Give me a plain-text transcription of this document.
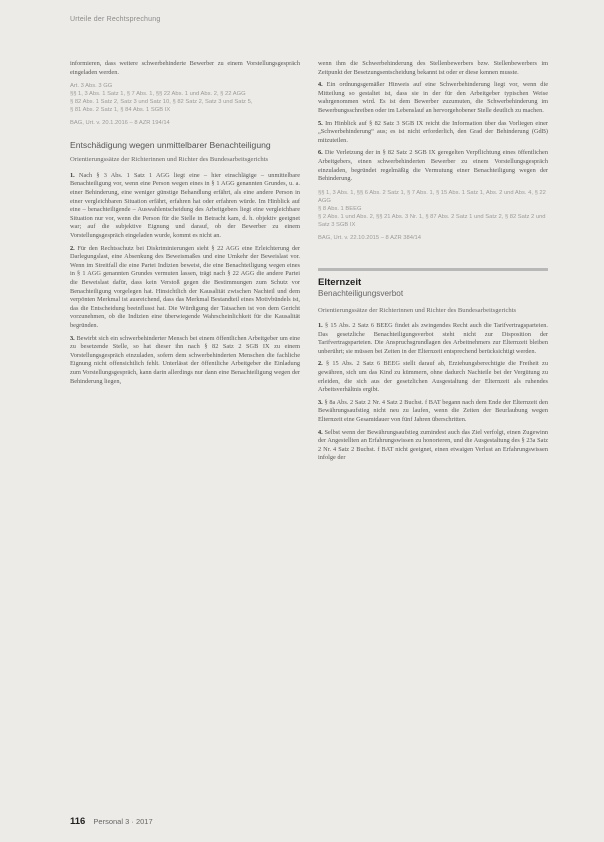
Urteile der Rechtsprechung

informieren, dass weitere schwerbehinderte Bewerber zu einem Vorstellungsgespräch eingeladen werden.

Art. 3 Abs. 3 GG
§§ 1, 3 Abs. 1 Satz 1, § 7 Abs. 1, §§ 22 Abs. 1 und Abs. 2, § 22 AGG
§ 82 Abs. 1 Satz 2, Satz 3 und Satz 10, § 82 Satz 2, Satz 3 und Satz 5,
§ 81 Abs. 2 Satz 1, § 84 Abs. 1 SGB IX
BAG, Urt. v. 20.1.2016 – 8 AZR 194/14
Entschädigung wegen unmittelbarer Benachteiligung
Orientierungssätze der Richterinnen und Richter des Bundesarbeitsgerichts

1. Nach § 3 Abs. 1 Satz 1 AGG liegt eine – hier einschlägige – unmittelbare Benachteiligung vor, wenn eine Person wegen eines in § 1 AGG genannten Grundes, u. a. einer Behinderung, eine weniger günstige Behandlung erfährt, als eine andere Person in einer vergleichbaren Situation erfährt, erfahren hat oder erfahren würde. Im Hinblick auf eine – benachteiligende – Auswahlentscheidung des Arbeitgebers liegt eine vergleichbare Situation nur vor, wenn die Person für die Stelle in Betracht kam, d. h. objektiv geeignet war; auf die subjektive Eignung und darauf, ob der Bewerber zu einem Vorstellungsgespräch eingeladen wurde, kommt es nicht an.

2. Für den Rechtsschutz bei Diskriminierungen sieht § 22 AGG eine Erleichterung der Darlegungslast, eine Absenkung des Beweismaßes und eine Umkehr der Beweislast vor. Wenn im Streitfall die eine Partei Indizien beweist, die eine Benachteiligung wegen eines in § 1 AGG genannten Grundes vermuten lassen, trägt nach § 22 AGG die andere Partei die Beweislast dafür, dass kein Verstoß gegen die Bestimmungen zum Schutz vor Benachteiligung vorgelegen hat. Hinsichtlich der Kausalität zwischen Nachteil und dem verpönten Merkmal ist ausreichend, dass das Merkmal Bestandteil eines Motivbündels ist, das die Entscheidung beeinflusst hat. Die Würdigung der Tatsachen ist von dem Gericht vorzunehmen, ob die Indizien eine überwiegende Wahrscheinlichkeit für die Kausalität begründen.

3. Bewirbt sich ein schwerbehinderter Mensch bei einem öffentlichen Arbeitgeber um eine zu besetzende Stelle, so hat dieser ihn nach § 82 Satz 2 SGB IX zu einem Vorstellungsgespräch einzuladen, sofern dem schwerbehinderten Menschen die fachliche Eignung nicht offensichtlich fehlt. Unterlässt der öffentliche Arbeitgeber die Einladung zum Vorstellungsgespräch, kann darin allerdings nur dann eine Benachteiligung wegen der Behinderung liegen,

wenn ihm die Schwerbehinderung des Stellenbewerbers bzw. Stellenbewerbers im Zeitpunkt der Besetzungsentscheidung bekannt ist oder er diese kennen musste.

4. Ein ordnungsgemäßer Hinweis auf eine Schwerbehinderung liegt vor, wenn die Mitteilung so gestaltet ist, dass sie in der für den Arbeitgeber typischen Weise wahrgenommen wird. Es ist dem Bewerber zuzumuten, die Schwerbehinderung im Bewerbungsschreiben oder im Lebenslauf an hervorgehobener Stelle deutlich zu machen.

5. Im Hinblick auf § 82 Satz 3 SGB IX reicht die Information über das Vorliegen einer „Schwerbehinderung“ aus; es ist nicht erforderlich, den Grad der Behinderung (GdB) mitzuteilen.

6. Die Verletzung der in § 82 Satz 2 SGB IX geregelten Verpflichtung eines öffentlichen Arbeitgebers, einen schwerbehinderten Bewerber zu einem Vorstellungsgespräch einzuladen, begründet regelmäßig die Vermutung einer Benachteiligung wegen der Behinderung.

§§ 1, 3 Abs. 1, §§ 6 Abs. 2 Satz 1, § 7 Abs. 1, § 15 Abs. 1 Satz 1, Abs. 2 und Abs. 4, § 22 AGG
§ 8 Abs. 1 BEEG
§ 2 Abs. 1 und Abs. 2, §§ 21 Abs. 3 Nr. 1, § 87 Abs. 2 Satz 1 und Satz 2, § 82 Satz 2 und Satz 3 SGB IX
BAG, Urt. v. 22.10.2015 – 8 AZR 384/14
Elternzeit
Benachteiligungsverbot
Orientierungssätze der Richterinnen und Richter des Bundesarbeitsgerichts

1. § 15 Abs. 2 Satz 6 BEEG findet als zwingendes Recht auch die Tarifvertragsparteien. Das gesetzliche Benachteiligungsverbot steht nicht zur Disposition der Tarifvertragsparteien. Die Anspruchsgrundlagen des Arbeitnehmers zur Elternzeit bleiben unberührt; sie müssen bei Zeiten in der Elternzeit entsprechend berücksichtigt werden.

2. § 15 Abs. 2 Satz 6 BEEG stellt darauf ab, Erziehungsberechtigte die Freiheit zu gewähren, sich um das Kind zu kümmern, ohne dadurch Nachteile bei der Vergütung zu erleiden, die sich aus der gesetzlichen Ausgestaltung der Elternzeit als ruhendes Arbeitsverhältnis ergibt.

3. § 8a Abs. 2 Satz 2 Nr. 4 Satz 2 Buchst. f BAT begann nach dem Ende der Elternzeit den Bewährungsaufstieg nicht neu zu laufen, wenn die Zeiten der Beurlaubung wegen Elternzeit eine Gesamtdauer von fünf Jahren überschritten.

4. Selbst wenn der Bewährungsaufstieg zumindest auch das Ziel verfolgt, einen Zugewinn der Angestellten an Erfahrungswissen zu honorieren, und die Ausgestaltung des § 23a Satz 2 Nr. 4 Satz 2 Buchst. f BAT nicht geeignet, einen etwaigen Verlust an Erfahrungswissen infolge der

116 Personal 3 · 2017
